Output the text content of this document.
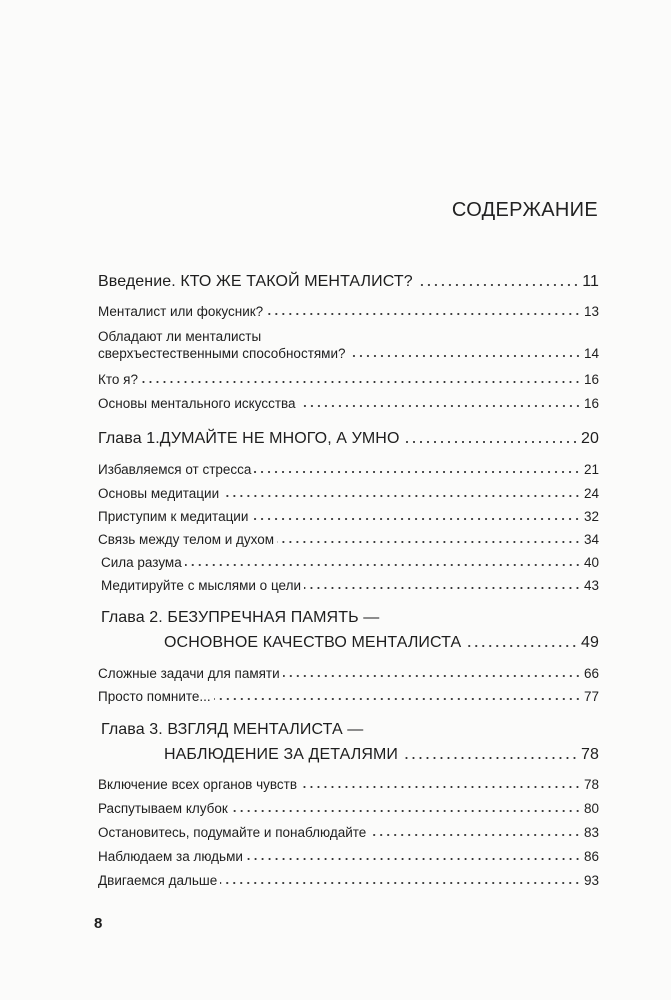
СОДЕРЖАНИЕ
Введение. КТО ЖЕ ТАКОЙ МЕНТАЛИСТ?	11
Менталист или фокусник?	13
Обладают ли менталисты
сверхъестественными способностями?	14
Кто я?	16
Основы ментального искусства	16
Глава 1.ДУМАЙТЕ НЕ МНОГО, А УМНО	20
Избавляемся от стресса	21
Основы медитации	24
Приступим к медитации	32
Связь между телом и духом	34
Сила разума	40
Медитируйте с мыслями о цели	43
Глава 2. БЕЗУПРЕЧНАЯ ПАМЯТЬ —
ОСНОВНОЕ КАЧЕСТВО МЕНТАЛИСТА	49
Сложные задачи для памяти	66
Просто помните...	77
Глава 3. ВЗГЛЯД МЕНТАЛИСТА —
НАБЛЮДЕНИЕ ЗА ДЕТАЛЯМИ	78
Включение всех органов чувств	78
Распутываем клубок	80
Остановитесь, подумайте и понаблюдайте	83
Наблюдаем за людьми	86
Двигаемся дальше	93
8
